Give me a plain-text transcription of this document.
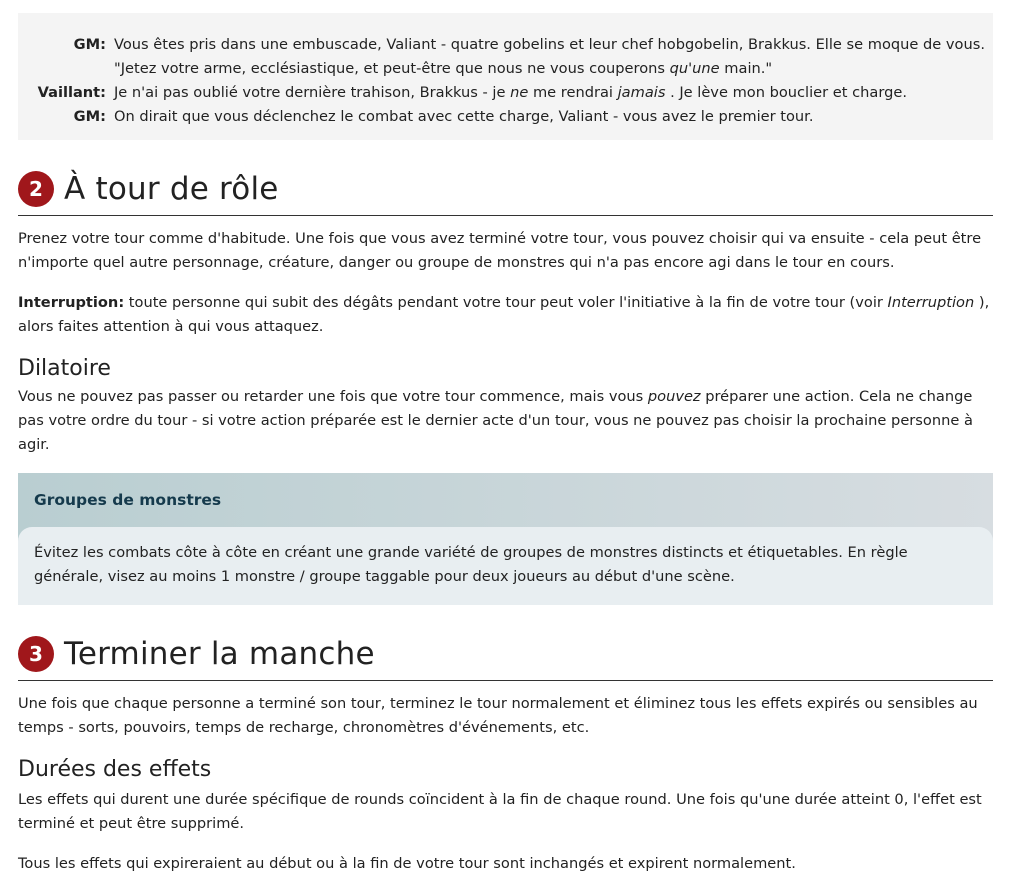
GM: Vous êtes pris dans une embuscade, Valiant - quatre gobelins et leur chef hobgobelin, Brakkus. Elle se moque de vous.
"Jetez votre arme, ecclésiastique, et peut-être que nous ne vous couperons qu'une main."
Vaillant: Je n'ai pas oublié votre dernière trahison, Brakkus - je ne me rendrai jamais . Je lève mon bouclier et charge.
GM: On dirait que vous déclenchez le combat avec cette charge, Valiant - vous avez le premier tour.
2 À tour de rôle

Prenez votre tour comme d'habitude. Une fois que vous avez terminé votre tour, vous pouvez choisir qui va ensuite - cela peut être n'importe quel autre personnage, créature, danger ou groupe de monstres qui n'a pas encore agi dans le tour en cours.

Interruption: toute personne qui subit des dégâts pendant votre tour peut voler l'initiative à la fin de votre tour (voir Interruption ), alors faites attention à qui vous attaquez.

Dilatoire

Vous ne pouvez pas passer ou retarder une fois que votre tour commence, mais vous pouvez préparer une action. Cela ne change pas votre ordre du tour - si votre action préparée est le dernier acte d'un tour, vous ne pouvez pas choisir la prochaine personne à agir.

Groupes de monstres

Évitez les combats côte à côte en créant une grande variété de groupes de monstres distincts et étiquetables. En règle générale, visez au moins 1 monstre / groupe taggable pour deux joueurs au début d'une scène.

3 Terminer la manche

Une fois que chaque personne a terminé son tour, terminez le tour normalement et éliminez tous les effets expirés ou sensibles au temps - sorts, pouvoirs, temps de recharge, chronomètres d'événements, etc.

Durées des effets

Les effets qui durent une durée spécifique de rounds coïncident à la fin de chaque round. Une fois qu'une durée atteint 0, l'effet est terminé et peut être supprimé.

Tous les effets qui expireraient au début ou à la fin de votre tour sont inchangés et expirent normalement.
